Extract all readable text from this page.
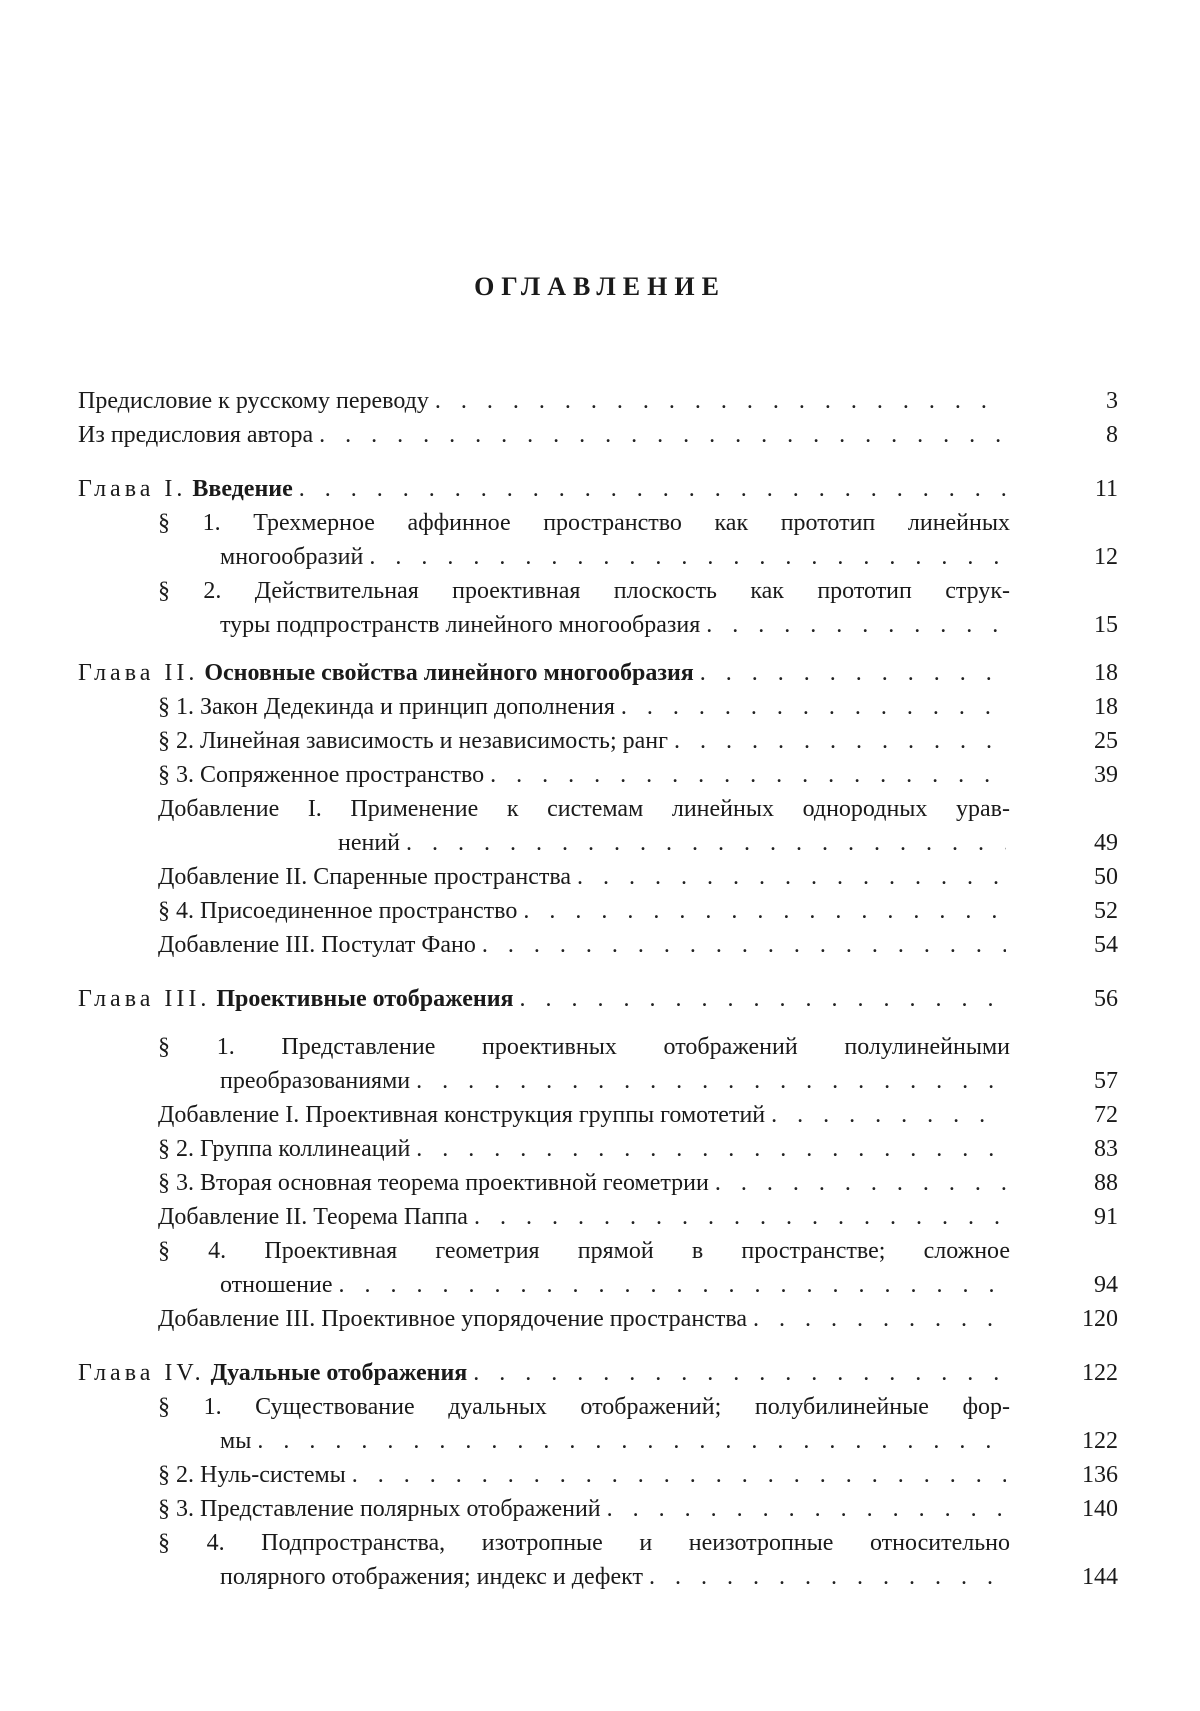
ОГЛАВЛЕНИЕ
Предисловие к русскому переводу . . .	3
Из предисловия автора . . .	8
Глава I. Введение . . .	11
§ 1. Трехмерное аффинное пространство как прототип линейных
многообразий . . .	12
§ 2. Действительная проективная плоскость как прототип струк-
туры подпространств линейного многообразия . . .	15
Глава II. Основные свойства линейного многообразия . . .	18
§ 1. Закон Дедекинда и принцип дополнения . . .	18
§ 2. Линейная зависимость и независимость; ранг . . .	25
§ 3. Сопряженное пространство . . .	39
Добавление I. Применение к системам линейных однородных урав-
нений . . .	49
Добавление II. Спаренные пространства . . .	50
§ 4. Присоединенное пространство . . .	52
Добавление III. Постулат Фано . . .	54
Глава III. Проективные отображения . . .	56
§ 1. Представление проективных отображений полулинейными
преобразованиями . . .	57
Добавление I. Проективная конструкция группы гомотетий . . .	72
§ 2. Группа коллинеаций . . .	83
§ 3. Вторая основная теорема проективной геометрии . . .	88
Добавление II. Теорема Паппа . . .	91
§ 4. Проективная геометрия прямой в пространстве; сложное
отношение . . .	94
Добавление III. Проективное упорядочение пространства . . .	120
Глава IV. Дуальные отображения . . .	122
§ 1. Существование дуальных отображений; полубилинейные фор-
мы . . .	122
§ 2. Нуль-системы . . .	136
§ 3. Представление полярных отображений . . .	140
§ 4. Подпространства, изотропные и неизотропные относительно
полярного отображения; индекс и дефект . . .	144
